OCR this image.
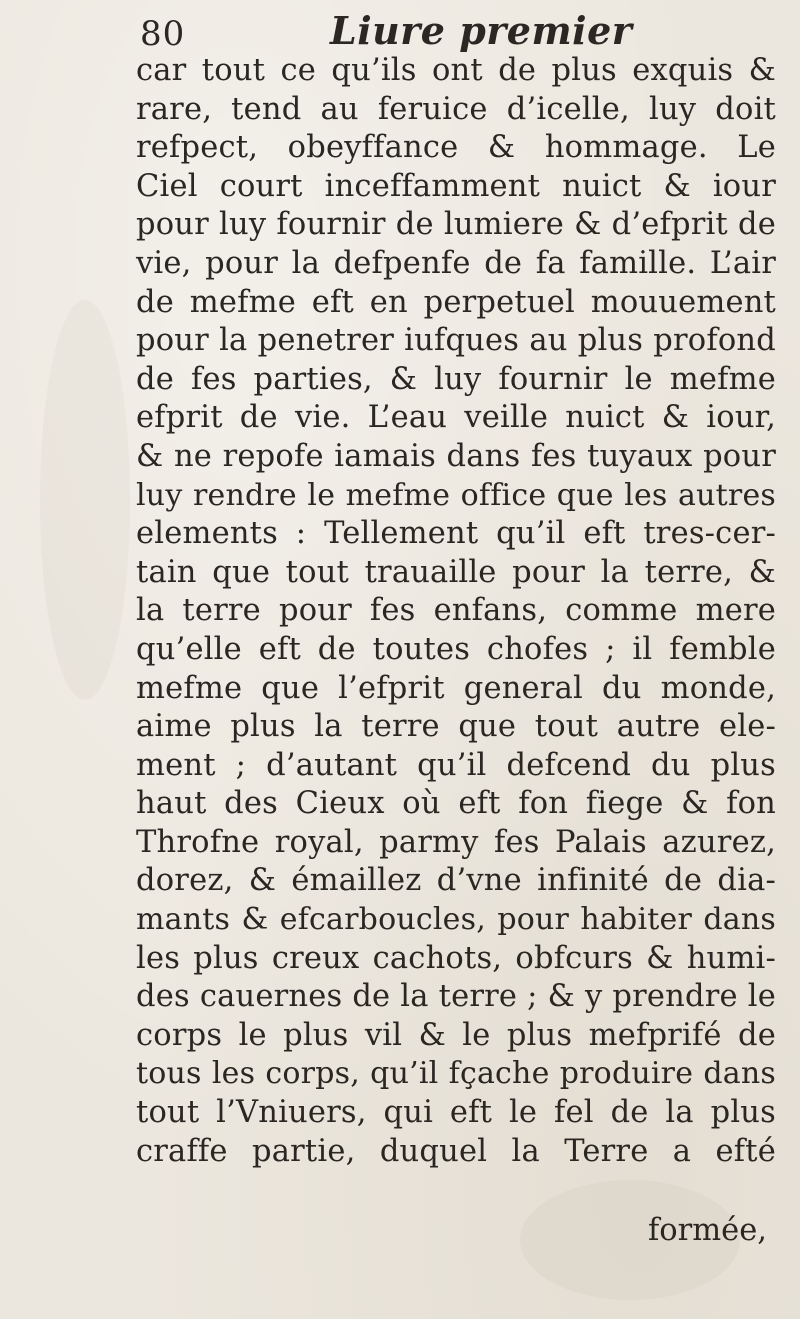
80	Liure premier
car tout ce qu’ils ont de plus exquis &
rare, tend au feruice d’icelle, luy doit
refpect, obeyffance & hommage. Le
Ciel court inceffamment nuict & iour
pour luy fournir de lumiere & d’efprit de
vie, pour la defpenfe de fa famille. L’air
de mefme eft en perpetuel mouuement
pour la penetrer iufques au plus profond
de fes parties, & luy fournir le mefme
efprit de vie. L’eau veille nuict & iour,
& ne repofe iamais dans fes tuyaux pour
luy rendre le mefme office que les autres
elements : Tellement qu’il eft tres-cer-
tain que tout trauaille pour la terre, &
la terre pour fes enfans, comme mere
qu’elle eft de toutes chofes ; il femble
mefme que l’efprit general du monde,
aime plus la terre que tout autre ele-
ment ; d’autant qu’il defcend du plus
haut des Cieux où eft fon fiege & fon
Throfne royal, parmy fes Palais azurez,
dorez, & émaillez d’vne infinité de dia-
mants & efcarboucles, pour habiter dans
les plus creux cachots, obfcurs & humi-
des cauernes de la terre ; & y prendre le
corps le plus vil & le plus mefprifé de
tous les corps, qu’il fçache produire dans
tout l’Vniuers, qui eft le fel de la plus
craffe partie, duquel la Terre a efté
formée,
